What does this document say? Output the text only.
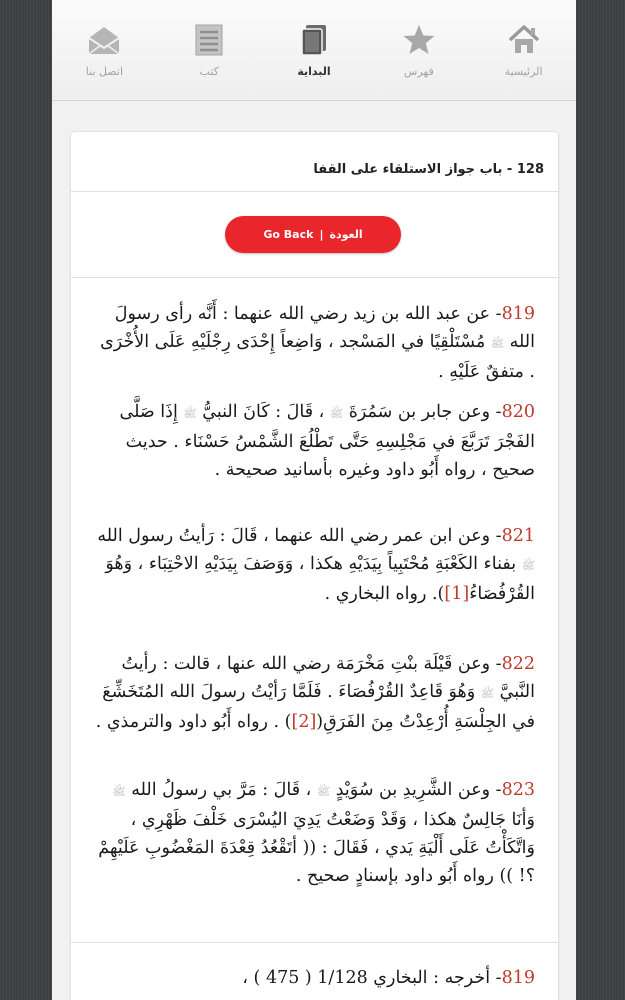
الرئيسية
فهرس
البداية
كتب
اتصل بنا
128 - باب جواز الاستلقاء على القفا
Go Back | العودة
819- عن عبد الله بن زيد رضي الله عنهما : أَنَّه رأى رسولَ الله ﷺ مُسْتَلْقِيًا في المَسْجد ، وَاضِعاً إِحْدَى رِجْلَيْهِ عَلَى الأُخْرَى . متفقٌ عَلَيْهِ .
820- وعن جابر بن سَمُرَةَ ﷺ ، قَالَ : كَانَ النبيُّ ﷺ إِذَا صَلَّى الفَجْرَ تَرَبَّعَ في مَجْلِسِهِ حَتَّى تَطْلُعَ الشَّمْسُ حَسْنَاء . حديث صحيح ، رواه أَبُو داود وغيره بأسانيد صحيحة .
821- وعن ابن عمر رضي الله عنهما ، قَالَ : رَأيتُ رسول الله ﷺ بفناء الكَعْبَةِ مُحْتَبِياً بِيَدَيْهِ هكذا ، وَوَصَفَ بِيَدَيْهِ الاحْتِبَاء ، وَهُوَ القُرْفُصَاءُ[1]). رواه البخاري .
822- وعن قَيْلَة بنْتِ مَخْرَمَة رضي الله عنها ، قالت : رأيتُ النَّبيَّ ﷺ وَهُوَ قَاعِدٌ القُرْفُصَاءَ . فَلَمَّا رَأيْتُ رسولَ الله المُتَخَشِّعَ في الجِلْسَةِ أُرْعِدْتُ مِنَ الفَرَقِ([2]) . رواه أَبُو داود والترمذي .
823- وعن الشَّرِيدِ بن سُوَيْدٍ ﷺ ، قَالَ : مَرَّ بي رسولُ الله ﷺ وَأنَا جَالِسٌ هكذا ، وَقَدْ وَضَعْتُ يَدِيَ اليُسْرَى خَلْفَ ظَهْرِي ، وَاتَّكَأْتُ عَلَى أَلْيَةِ يَدي ، فَقَالَ : (( أتَقْعُدُ قِعْدَةَ المَغْضُوبِ عَلَيْهِمْ ؟! )) رواه أَبُو داود بإسنادٍ صحيح .
819- أخرجه : البخاري 1/128 ( 475 ) ،
